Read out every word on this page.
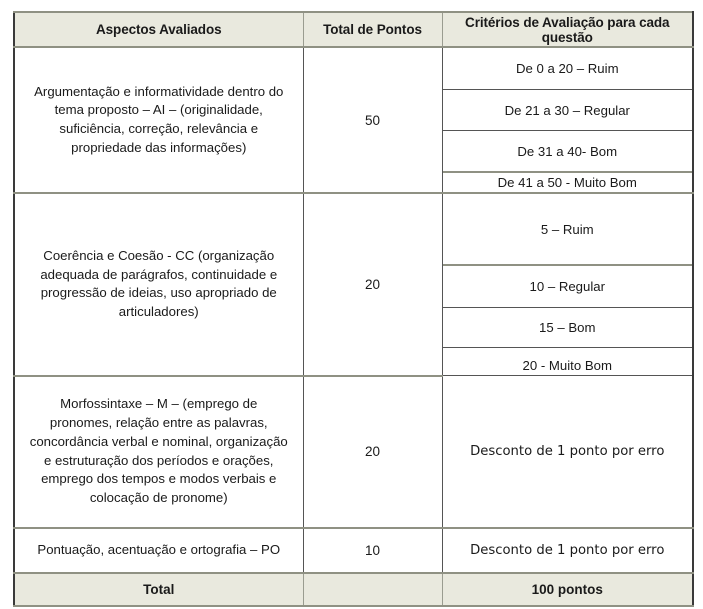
Aspectos Avaliados	Total de Pontos	Critérios de Avaliação para cada questão
Argumentação e informatividade dentro do tema proposto – AI – (originalidade, suficiência, correção, relevância e propriedade das informações)	50	
De 0 a 20 – Ruim
De 21 a 30 – Regular
De 31 a 40- Bom
De 41 a 50 - Muito Bom

Coerência e Coesão - CC (organização adequada de parágrafos, continuidade e progressão de ideias, uso apropriado de articuladores)	20	
5 – Ruim
10 – Regular
15 – Bom
20 - Muito Bom

Morfossintaxe – M – (emprego de pronomes, relação entre as palavras, concordância verbal e nominal, organização e estruturação dos períodos e orações, emprego dos tempos e modos verbais e colocação de pronome)	20		Desconto de 1 ponto por erro

Pontuação, acentuação e ortografia – PO	10		Desconto de 1 ponto por erro

Total		100 pontos
